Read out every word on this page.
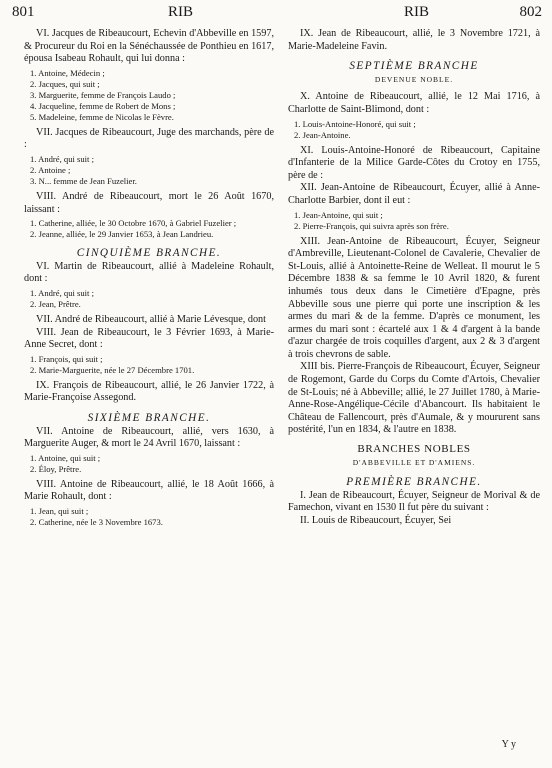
801	RIB	RIB	802

VI. Jacques de Ribeaucourt, Echevin d'Abbeville en 1597, & Procureur du Roi en la Sénéchaussée de Ponthieu en 1617, épousa Isabeau Rohault, qui lui donna :

1. Antoine, Médecin ;
2. Jacques, qui suit ;
3. Marguerite, femme de François Laudo ;
4. Jacqueline, femme de Robert de Mons ;
5. Madeleine, femme de Nicolas le Fèvre.

VII. Jacques de Ribeaucourt, Juge des marchands, père de :

1. André, qui suit ;
2. Antoine ;
3. N... femme de Jean Fuzelier.

VIII. André de Ribeaucourt, mort le 26 Août 1670, laissant :

1. Catherine, alliée, le 30 Octobre 1670, à Gabriel Fuzelier ;
2. Jeanne, alliée, le 29 Janvier 1653, à Jean Landrieu.
CINQUIÈME BRANCHE.

VI. Martin de Ribeaucourt, allié à Madeleine Rohault, dont :

1. André, qui suit ;
2. Jean, Prêtre.

VII. André de Ribeaucourt, allié à Marie Lévesque, dont

VIII. Jean de Ribeaucourt, le 3 Février 1693, à Marie-Anne Secret, dont :

1. François, qui suit ;
2. Marie-Marguerite, née le 27 Décembre 1701.

IX. François de Ribeaucourt, allié, le 26 Janvier 1722, à Marie-Françoise Assegond.

SIXIÈME BRANCHE.

VII. Antoine de Ribeaucourt, allié, vers 1630, à Marguerite Auger, & mort le 24 Avril 1670, laissant :

1. Antoine, qui suit ;
2. Éloy, Prêtre.

VIII. Antoine de Ribeaucourt, allié, le 18 Août 1666, à Marie Rohault, dont :

1. Jean, qui suit ;
2. Catherine, née le 3 Novembre 1673.

IX. Jean de Ribeaucourt, allié, le 3 Novembre 1721, à Marie-Madeleine Favin.

SEPTIÈME BRANCHE
DEVENUE NOBLE.

X. Antoine de Ribeaucourt, allié, le 12 Mai 1716, à Charlotte de Saint-Blimond, dont :

1. Louis-Antoine-Honoré, qui suit ;
2. Jean-Antoine.

XI. Louis-Antoine-Honoré de Ribeaucourt, Capitaine d'Infanterie de la Milice Garde-Côtes du Crotoy en 1755, père de :

XII. Jean-Antoine de Ribeaucourt, Écuyer, allié à Anne-Charlotte Barbier, dont il eut :

1. Jean-Antoine, qui suit ;
2. Pierre-François, qui suivra après son frère.

XIII. Jean-Antoine de Ribeaucourt, Écuyer, Seigneur d'Ambreville, Lieutenant-Colonel de Cavalerie, Chevalier de St-Louis, allié à Antoinette-Reine de Welleat. Il mourut le 5 Décembre 1838 & sa femme le 10 Avril 1820, & furent inhumés tous deux dans le Cimetière d'Epagne, près Abbeville sous une pierre qui porte une inscription & les armes du mari & de la femme. D'après ce monument, les armes du mari sont : écartelé aux 1 & 4 d'argent à la bande d'azur chargée de trois coquilles d'argent, aux 2 & 3 d'argent à trois chevrons de sable.

XIII bis. Pierre-François de Ribeaucourt, Écuyer, Seigneur de Rogemont, Garde du Corps du Comte d'Artois, Chevalier de St-Louis; né à Abbeville; allié, le 27 Juillet 1780, à Marie-Anne-Rose-Angélique-Cécile d'Abancourt. Ils habitaient le Château de Fallencourt, près d'Aumale, & y moururent sans postérité, l'un en 1834, & l'autre en 1838.

BRANCHES NOBLES
D'ABBEVILLE ET D'AMIENS.
PREMIÈRE BRANCHE.

I. Jean de Ribeaucourt, Écuyer, Seigneur de Morival & de Famechon, vivant en 1530 Il fut père du suivant :

II. Louis de Ribeaucourt, Écuyer, Sei

Y y
